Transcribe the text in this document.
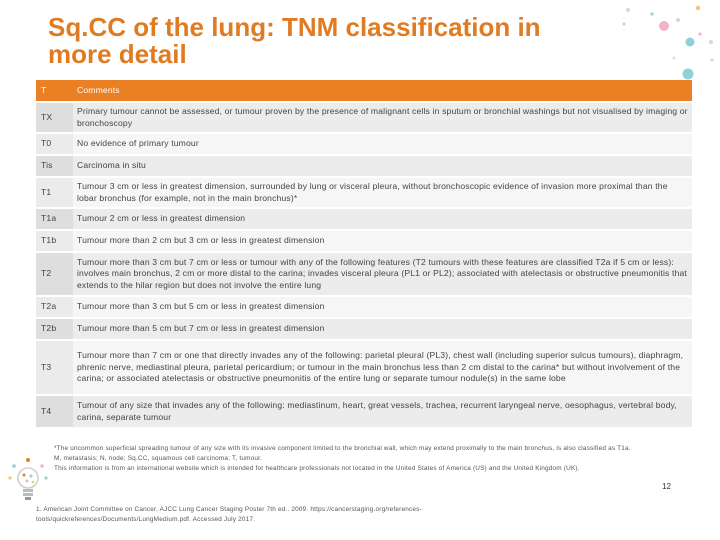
Sq.CC of the lung: TNM classification in more detail
T	Comments
TX	Primary tumour cannot be assessed, or tumour proven by the presence of malignant cells in sputum or bronchial washings but not visualised by imaging or bronchoscopy
T0	No evidence of primary tumour
Tis	Carcinoma in situ
T1	Tumour 3 cm or less in greatest dimension, surrounded by lung or visceral pleura, without bronchoscopic evidence of invasion more proximal than the lobar bronchus (for example, not in the main bronchus)*
T1a	Tumour 2 cm or less in greatest dimension
T1b	Tumour more than 2 cm but 3 cm or less in greatest dimension
T2	Tumour more than 3 cm but 7 cm or less or tumour with any of the following features (T2 tumours with these features are classified T2a if 5 cm or less): involves main bronchus, 2 cm or more distal to the carina; invades visceral pleura (PL1 or PL2); associated with atelectasis or obstructive pneumonitis that extends to the hilar region but does not involve the entire lung
T2a	Tumour more than 3 cm but 5 cm or less in greatest dimension
T2b	Tumour more than 5 cm but 7 cm or less in greatest dimension
T3	Tumour more than 7 cm or one that directly invades any of the following: parietal pleural (PL3), chest wall (including superior sulcus tumours), diaphragm, phrenic nerve, mediastinal pleura, parietal pericardium; or tumour in the main bronchus less than 2 cm distal to the carina* but without involvement of the carina; or associated atelectasis or obstructive pneumonitis of the entire lung or separate tumour nodule(s) in the same lobe
T4	Tumour of any size that invades any of the following: mediastinum, heart, great vessels, trachea, recurrent laryngeal nerve, oesophagus, vertebral body, carina, separate tumour
*The uncommon superficial spreading tumour of any size with its invasive component limited to the bronchial wall, which may extend proximally to the main bronchus, is also classified as T1a.
M, metastasis; N, node; Sq.CC, squamous cell carcinoma; T, tumour.
This information is from an international website which is intended for healthcare professionals not located in the United States of America (US) and the United Kingdom (UK).
12
1. American Joint Committee on Cancer. AJCC Lung Cancer Staging Poster 7th ed.. 2009. https://cancerstaging.org/references-tools/quickreferences/Documents/LungMedium.pdf. Accessed July 2017.
